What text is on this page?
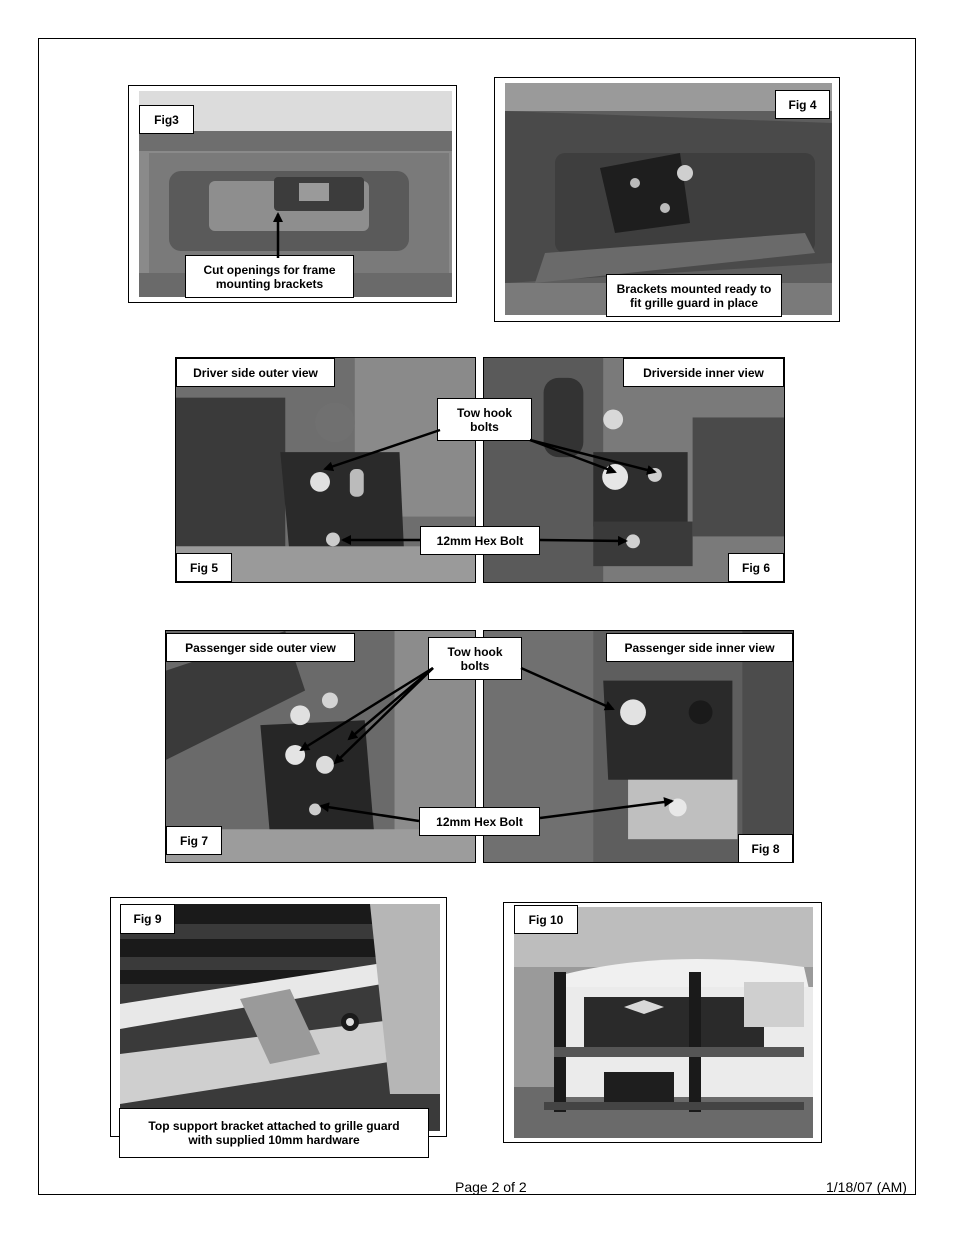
Fig3
Cut openings for frame mounting brackets
Fig 4
Brackets mounted ready to fit grille guard in place
Driver side outer view
Fig 5
Driverside inner view
Fig 6
Tow hook bolts
12mm Hex Bolt
Passenger side outer view
Fig 7
Passenger side inner view
Fig 8
Tow hook bolts
12mm Hex Bolt
Fig 9
Top support bracket attached to grille guard with supplied 10mm hardware
Fig 10
Page 2 of 2	1/18/07 (AM)
